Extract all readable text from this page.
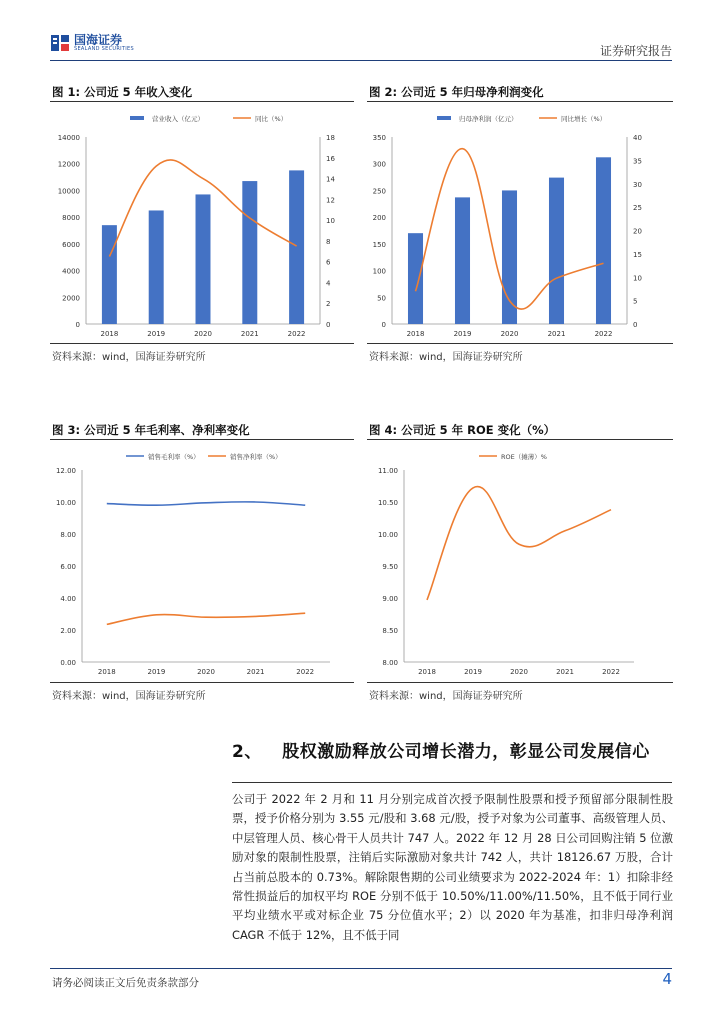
国海证券
SEALAND SECURITIES	证券研究报告
图 1: 公司近 5 年收入变化
0
2000
4000
6000
8000
10000
12000
14000
0
2
4
6
8
10
12
14
16
18
2018	2019	2020	2021	2022
营业收入（亿元）	同比（%）
资料来源：wind，国海证券研究所
图 2: 公司近 5 年归母净利润变化
0
50
100
150
200
250
300
350
0
5
10
15
20
25
30
35
40
2018	2019	2020	2021	2022
归母净利润（亿元）	同比增长（%）
资料来源：wind，国海证券研究所
图 3: 公司近 5 年毛利率、净利率变化
0.00
2.00
4.00
6.00
8.00
10.00
12.00
2018	2019	2020	2021	2022
销售毛利率（%）	销售净利率（%）
资料来源：wind，国海证券研究所
图 4: 公司近 5 年 ROE 变化（%）
8.00
8.50
9.00
9.50
10.00
10.50
11.00
2018	2019	2020	2021	2022
ROE（摊薄）%
资料来源：wind，国海证券研究所
2、 股权激励释放公司增长潜力，彰显公司发展信心
公司于 2022 年 2 月和 11 月分别完成首次授予限制性股票和授予预留部分限制性股票，授予价格分别为 3.55 元/股和 3.68 元/股，授予对象为公司董事、高级管理人员、中层管理人员、核心骨干人员共计 747 人。2022 年 12 月 28 日公司回购注销 5 位激励对象的限制性股票，注销后实际激励对象共计 742 人，共计 18126.67 万股，合计占当前总股本的 0.73%。解除限售期的公司业绩要求为 2022-2024 年：1）扣除非经常性损益后的加权平均 ROE 分别不低于 10.50%/11.00%/11.50%，且不低于同行业平均业绩水平或对标企业 75 分位值水平；2）以 2020 年为基准，扣非归母净利润 CAGR 不低于 12%，且不低于同
请务必阅读正文后免责条款部分	4
